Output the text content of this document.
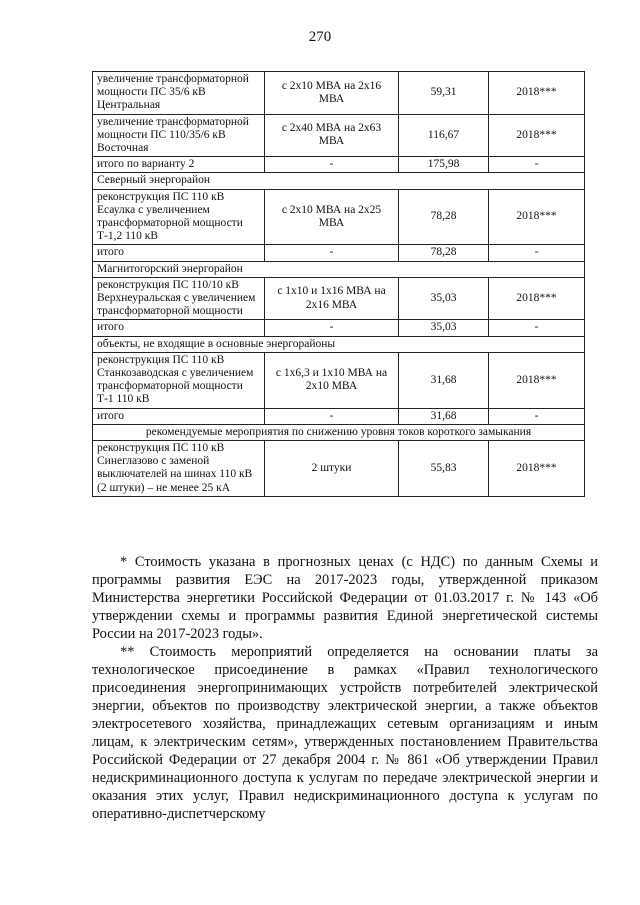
270
увеличение трансформаторной мощности ПС 35/6 кВ Центральная	с 2х10 МВА на 2х16 МВА	59,31	2018***
увеличение трансформаторной мощности ПС 110/35/6 кВ Восточная	с 2х40 МВА на 2х63 МВА	116,67	2018***
итого по варианту 2	-	175,98	-
Северный энергорайон			
реконструкция ПС 110 кВ Есаулка с увеличением трансформаторной мощности Т-1,2 110 кВ	с 2х10 МВА на 2х25 МВА	78,28	2018***
итого	-	78,28	-
Магнитогорский энергорайон			
реконструкция ПС 110/10 кВ Верхнеуральская с увеличением трансформаторной мощности	с 1х10 и 1х16 МВА на 2х16 МВА	35,03	2018***
итого	-	35,03	-
объекты, не входящие в основные энергорайоны			
реконструкция ПС 110 кВ Станкозаводская с увеличением трансформаторной мощности Т-1 110 кВ	с 1х6,3 и 1х10 МВА на 2х10 МВА	31,68	2018***
итого	-	31,68	-
рекомендуемые мероприятия по снижению уровня токов короткого замыкания			
реконструкция ПС 110 кВ Синеглазово с заменой выключателей на шинах 110 кВ (2 штуки) – не менее 25 кА	2 штуки	55,83	2018***

* Стоимость указана в прогнозных ценах (с НДС) по данным Схемы и программы развития ЕЭС на 2017-2023 годы, утвержденной приказом Министерства энергетики Российской Федерации от 01.03.2017 г. № 143 «Об утверждении схемы и программы развития Единой энергетической системы России на 2017-2023 годы».

** Стоимость мероприятий определяется на основании платы за технологическое присоединение в рамках «Правил технологического присоединения энергопринимающих устройств потребителей электрической энергии, объектов по производству электрической энергии, а также объектов электросетевого хозяйства, принадлежащих сетевым организациям и иным лицам, к электрическим сетям», утвержденных постановлением Правительства Российской Федерации от 27 декабря 2004 г. № 861 «Об утверждении Правил недискриминационного доступа к услугам по передаче электрической энергии и оказания этих услуг, Правил недискриминационного доступа к услугам по оперативно-диспетчерскому
